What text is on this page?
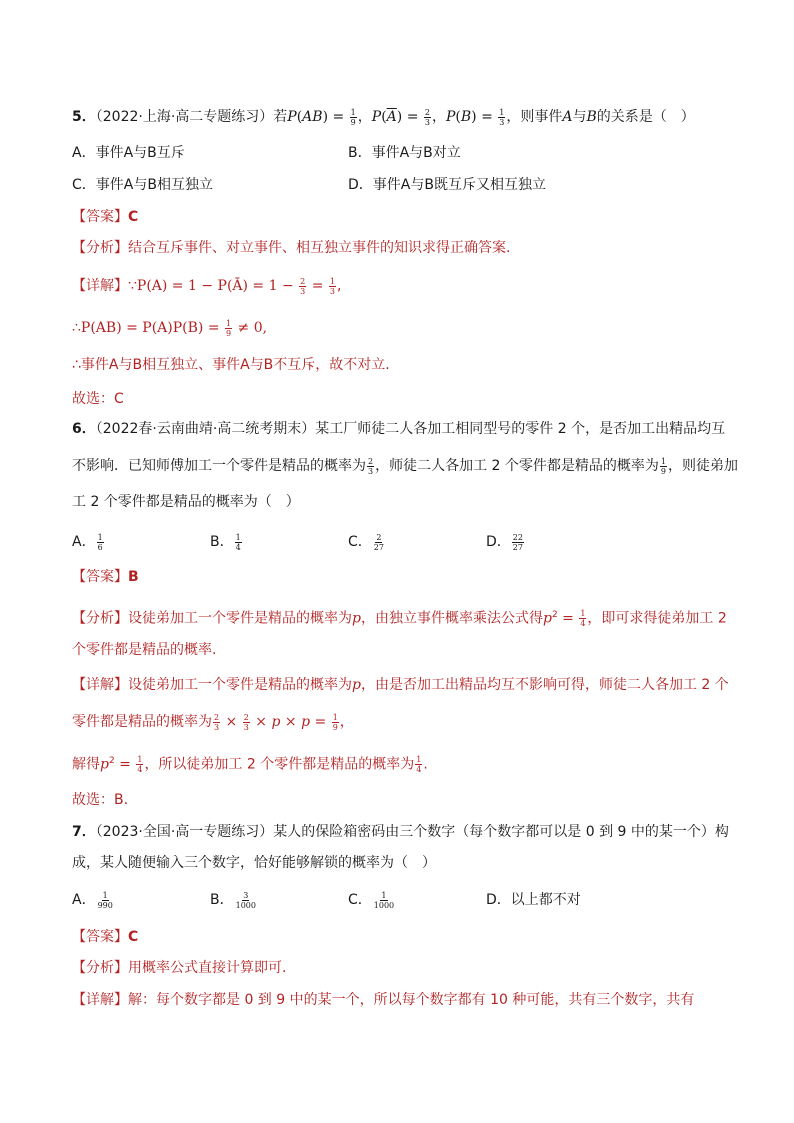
5．（2022·上海·高二专题练习）若$P(AB) = \frac{1}{9}$ ，$P(\overline{A}) = \frac{2}{3}$ ，$P(B) = \frac{1}{3}$ ，则事件A与B的关系是（　）
A．事件A与B互斥	B．事件A与B对立
C．事件A与B相互独立	D．事件A与B既互斥又相互独立
【答案】C
【分析】结合互斥事件、对立事件、相互独立事件的知识求得正确答案.
【详解】∵P(A) = 1 − P(Ā) = $1 - \frac{2}{3} = \frac{1}{3}$ ,
∴P(AB) = $P(A)P(B) = \frac{1}{9} \ne 0$,
∴事件A与B相互独立、事件A与B不互斥，故不对立.
故选：C
6．（2022春·云南曲靖·高二统考期末）某工厂师徒二人各加工相同型号的零件 2 个，是否加工出精品均互
不影响．已知师傅加工一个零件是精品的概率为 $\frac{2}{3}$ ，师徒二人各加工 2 个零件都是精品的概率为 $\frac{1}{9}$ ，则徒弟加
工 2 个零件都是精品的概率为（　）
A． $\frac{1}{6}$	B． $\frac{1}{4}$	C． $\frac{2}{27}$	D． $\frac{22}{27}$
【答案】B
【分析】设徒弟加工一个零件是精品的概率为p，由独立事件概率乘法公式得$p^2 = \frac{1}{4}$ ，即可求得徒弟加工 2
个零件都是精品的概率.
【详解】设徒弟加工一个零件是精品的概率为p，由是否加工出精品均互不影响可得，师徒二人各加工 2 个
零件都是精品的概率为 $\frac{2}{3} \times \frac{2}{3} \times p \times p = \frac{1}{9}$ ，
解得$p^2 = \frac{1}{4}$ ，所以徒弟加工 2 个零件都是精品的概率为 $\frac{1}{4}$ .
故选：B.
7．（2023·全国·高一专题练习）某人的保险箱密码由三个数字（每个数字都可以是 0 到 9 中的某一个）构
成，某人随便输入三个数字，恰好能够解锁的概率为（　）
A． $\frac{1}{990}$	B． $\frac{3}{1000}$	C． $\frac{1}{1000}$	D．以上都不对
【答案】C
【分析】用概率公式直接计算即可.
【详解】解：每个数字都是 0 到 9 中的某一个，所以每个数字都有 10 种可能，共有三个数字，共有
